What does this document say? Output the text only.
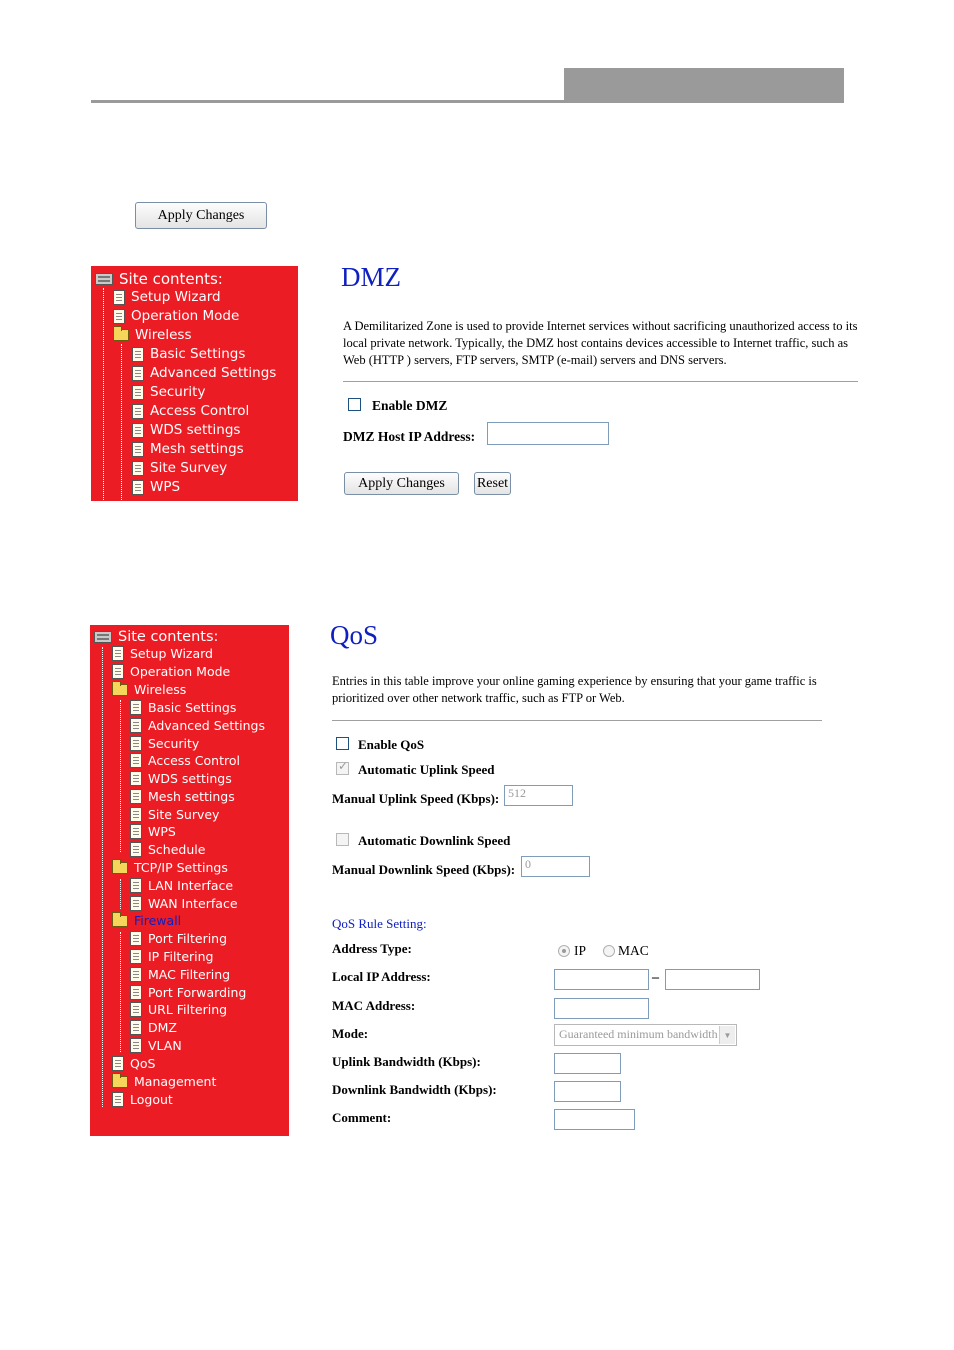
Apply Changes
Site contents:
Setup Wizard
Operation Mode
Wireless
Basic Settings
Advanced Settings
Security
Access Control
WDS settings
Mesh settings
Site Survey
WPS
DMZ
A Demilitarized Zone is used to provide Internet services without sacrificing unauthorized access to its local private network. Typically, the DMZ host contains devices accessible to Internet traffic, such as Web (HTTP ) servers, FTP servers, SMTP (e-mail) servers and DNS servers.
Enable DMZ
DMZ Host IP Address:
Apply Changes	Reset
Site contents:
Setup Wizard
Operation Mode
Wireless
Basic Settings
Advanced Settings
Security
Access Control
WDS settings
Mesh settings
Site Survey
WPS
Schedule
TCP/IP Settings
LAN Interface
WAN Interface
Firewall
Port Filtering
IP Filtering
MAC Filtering
Port Forwarding
URL Filtering
DMZ
VLAN
QoS
Management
Logout
QoS
Entries in this table improve your online gaming experience by ensuring that your game traffic is prioritized over other network traffic, such as FTP or Web.
Enable QoS
✓ Automatic Uplink Speed
Manual Uplink Speed (Kbps): 512
Automatic Downlink Speed
Manual Downlink Speed (Kbps): 0
QoS Rule Setting:
Address Type:	IP MAC
Local IP Address:	–
MAC Address:
Mode:	Guaranteed minimum bandwidth ▼
Uplink Bandwidth (Kbps):
Downlink Bandwidth (Kbps):
Comment:
